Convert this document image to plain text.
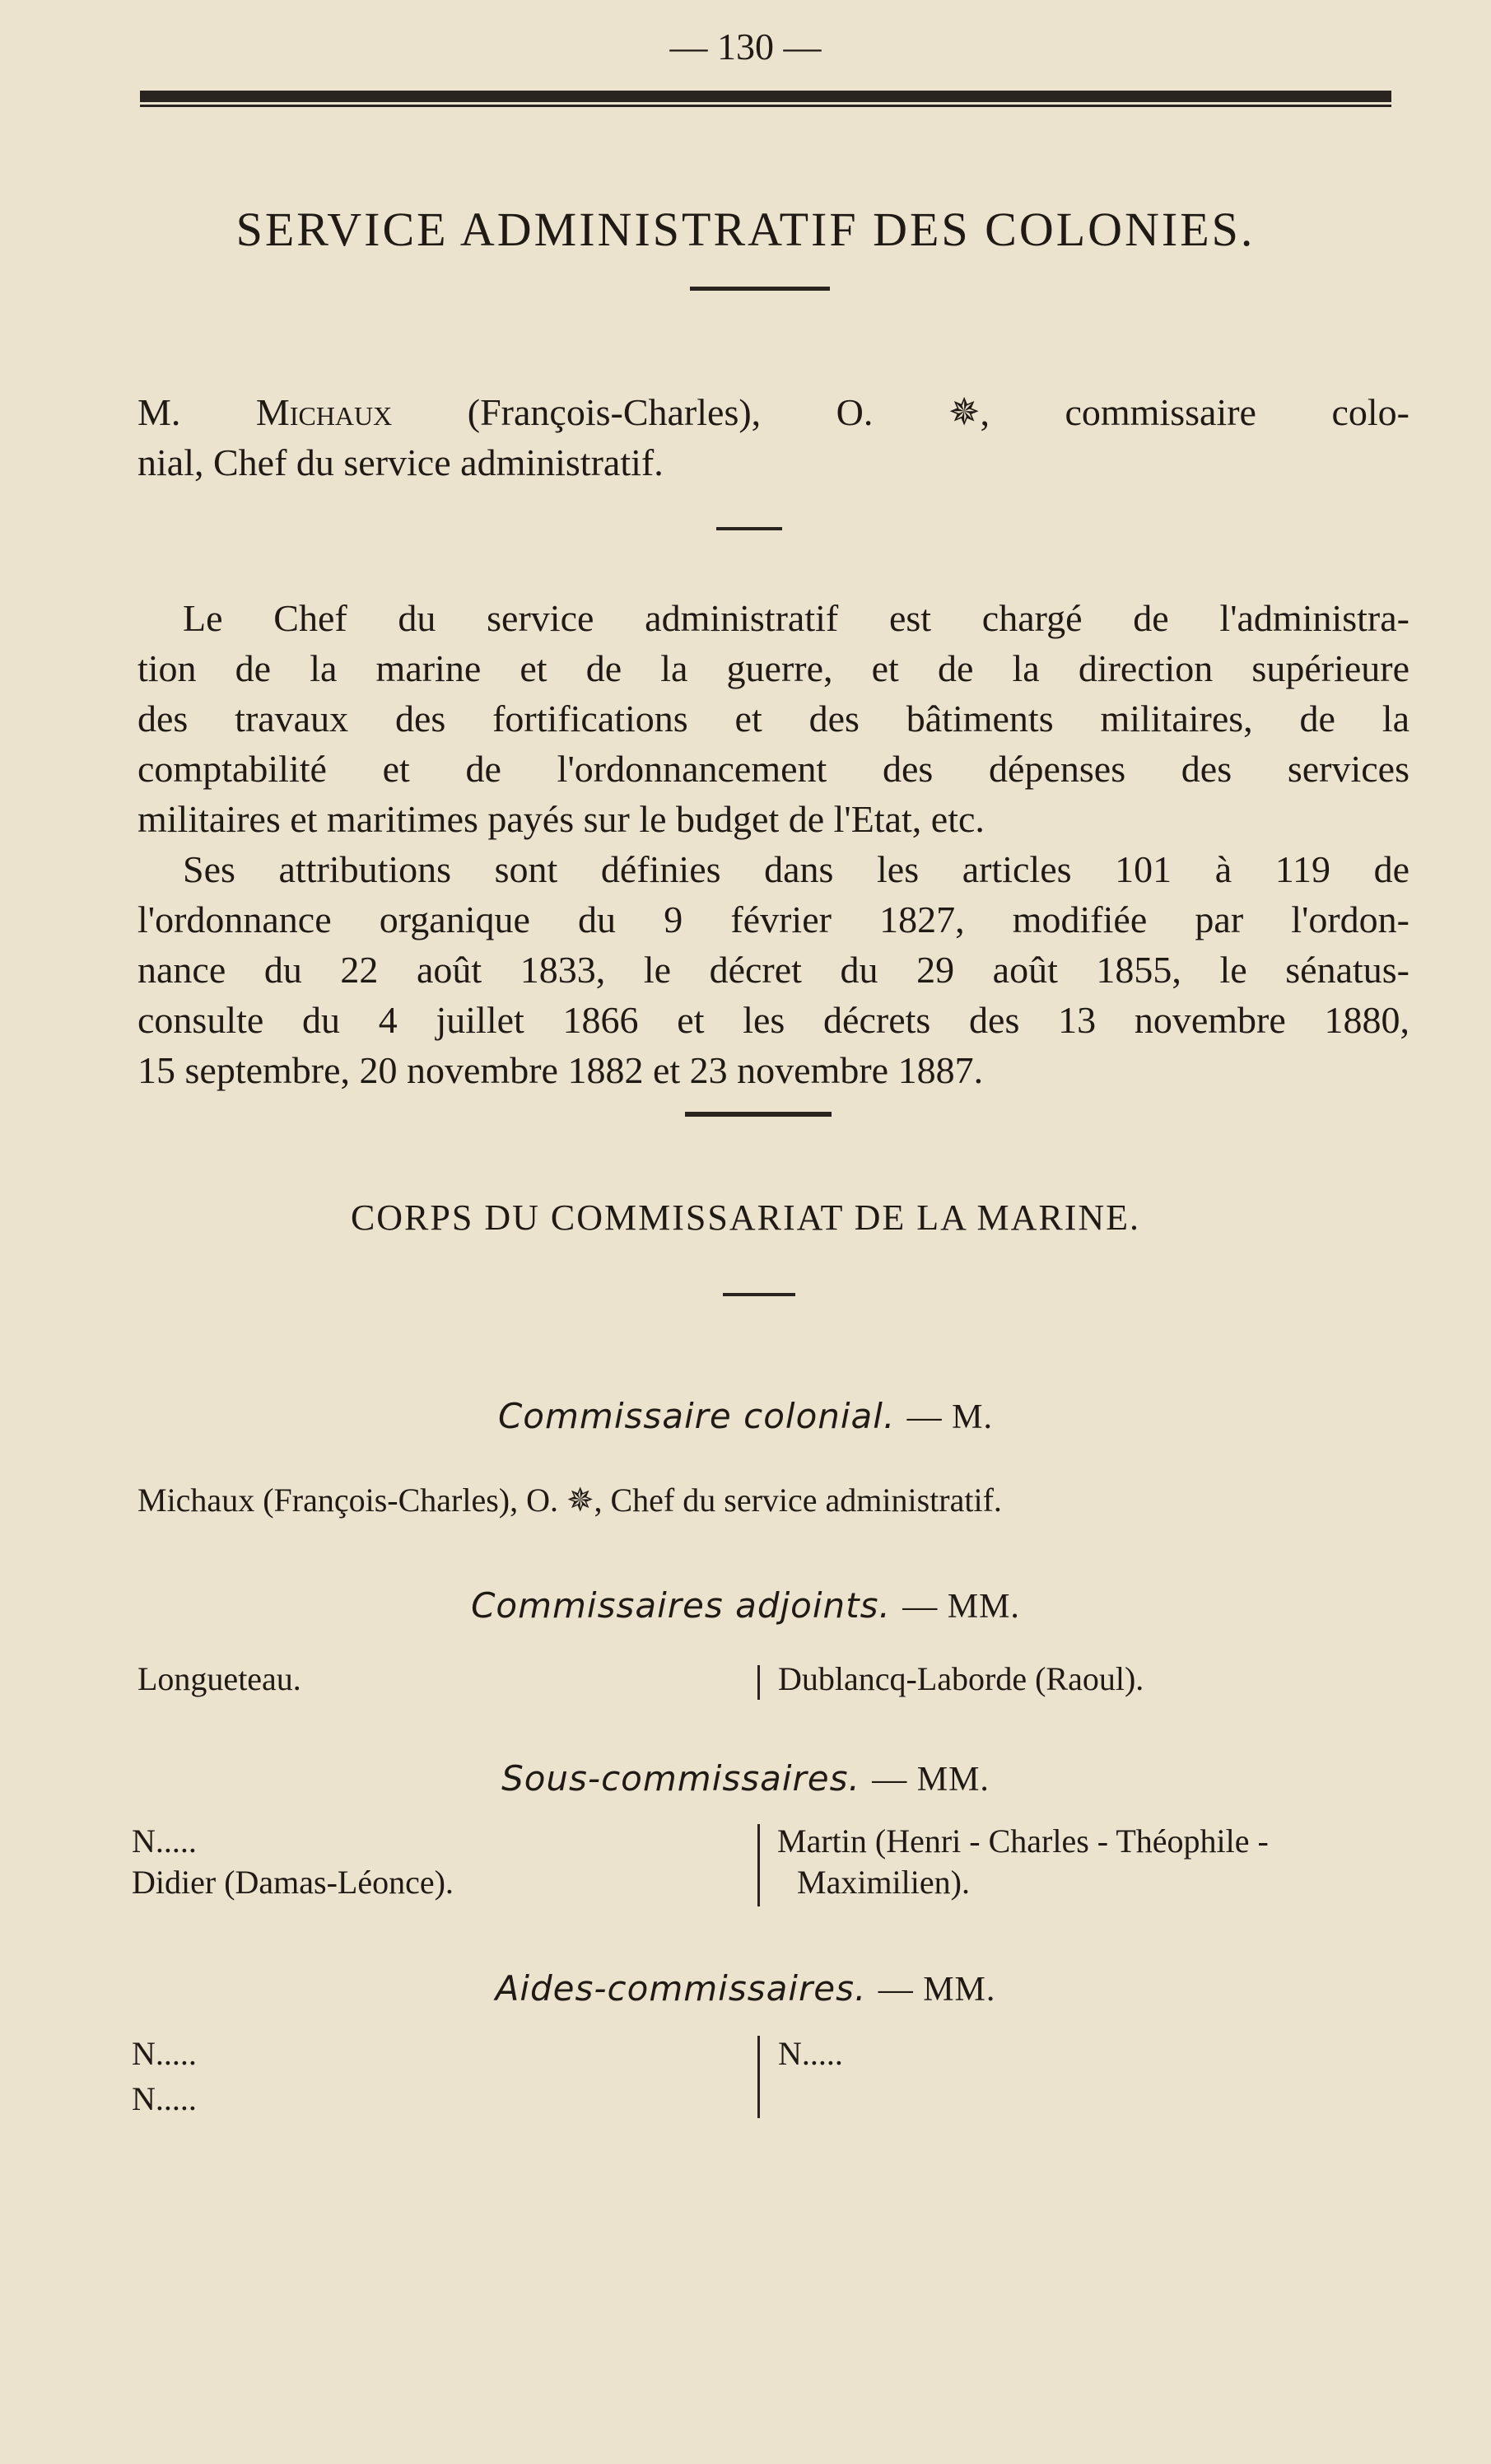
— 130 —
SERVICE ADMINISTRATIF DES COLONIES.
M. Michaux (François-Charles), O. ✵, commissaire colo-
nial, Chef du service administratif.
Le Chef du service administratif est chargé de l'administra-
tion de la marine et de la guerre, et de la direction supérieure
des travaux des fortifications et des bâtiments militaires, de la
comptabilité et de l'ordonnancement des dépenses des services
militaires et maritimes payés sur le budget de l'Etat, etc.
Ses attributions sont définies dans les articles 101 à 119 de
l'ordonnance organique du 9 février 1827, modifiée par l'ordon-
nance du 22 août 1833, le décret du 29 août 1855, le sénatus-
consulte du 4 juillet 1866 et les décrets des 13 novembre 1880,
15 septembre, 20 novembre 1882 et 23 novembre 1887.
CORPS DU COMMISSARIAT DE LA MARINE.
Commissaire colonial. — M.
Michaux (François-Charles), O. ✵, Chef du service administratif.
Commissaires adjoints. — MM.
Longueteau.	Dublancq-Laborde (Raoul).
Sous-commissaires. — MM.
N.....
Didier (Damas-Léonce).
Martin (Henri - Charles - Théophile -
Maximilien).
Aides-commissaires. — MM.
N.....
N.....
N.....
